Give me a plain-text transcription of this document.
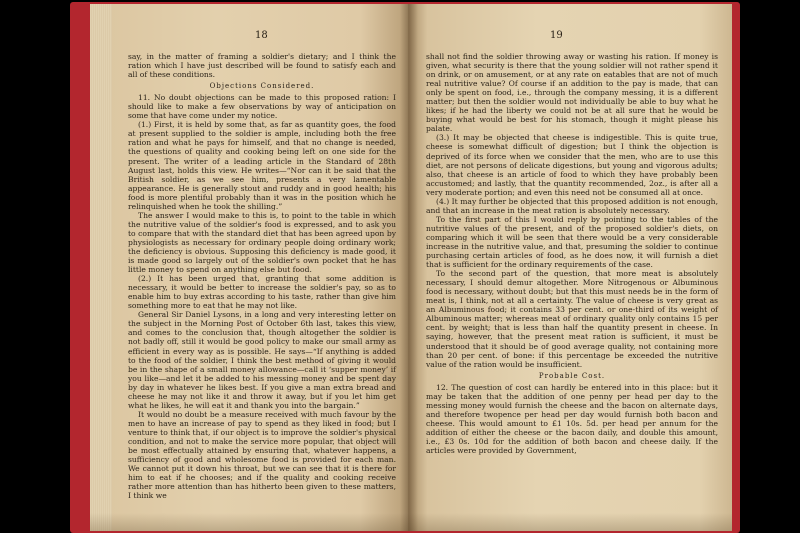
18

say, in the matter of framing a soldier's dietary; and I think the ration which I have just described will be found to satisfy each and all of these conditions.

Objections Considered.

11. No doubt objections can be made to this proposed ration: I should like to make a few observations by way of anticipation on some that have come under my notice.

(1.) First, it is held by some that, as far as quantity goes, the food at present supplied to the soldier is ample, including both the free ration and what he pays for himself, and that no change is needed, the questions of quality and cooking being left on one side for the present. The writer of a leading article in the Standard of 28th August last, holds this view. He writes—“Nor can it be said that the British soldier, as we see him, presents a very lamentable appearance. He is generally stout and ruddy and in good health; his food is more plentiful probably than it was in the position which he relinquished when he took the shilling.”

The answer I would make to this is, to point to the table in which the nutritive value of the soldier's food is expressed, and to ask you to compare that with the standard diet that has been agreed upon by physiologists as necessary for ordinary people doing ordinary work; the deficiency is obvious. Supposing this deficiency is made good, it is made good so largely out of the soldier's own pocket that he has little money to spend on anything else but food.

(2.) It has been urged that, granting that some addition is necessary, it would be better to increase the soldier's pay, so as to enable him to buy extras according to his taste, rather than give him something more to eat that he may not like.

General Sir Daniel Lysons, in a long and very interesting letter on the subject in the Morning Post of October 6th last, takes this view, and comes to the conclusion that, though altogether the soldier is not badly off, still it would be good policy to make our small army as efficient in every way as is possible. He says—“If anything is added to the food of the soldier, I think the best method of giving it would be in the shape of a small money allowance—call it ‘supper money’ if you like—and let it be added to his messing money and be spent day by day in whatever he likes best. If you give a man extra bread and cheese he may not like it and throw it away, but if you let him get what he likes, he will eat it and thank you into the bargain.”

It would no doubt be a measure received with much favour by the men to have an increase of pay to spend as they liked in food; but I venture to think that, if our object is to improve the soldier's physical condition, and not to make the service more popular, that object will be most effectually attained by ensuring that, whatever happens, a sufficiency of good and wholesome food is provided for each man. We cannot put it down his throat, but we can see that it is there for him to eat if he chooses; and if the quality and cooking receive rather more attention than has hitherto been given to these matters, I think we

19

shall not find the soldier throwing away or wasting his ration. If money is given, what security is there that the young soldier will not rather spend it on drink, or on amusement, or at any rate on eatables that are not of much real nutritive value? Of course if an addition to the pay is made, that can only be spent on food, i.e., through the company messing, it is a different matter; but then the soldier would not individually be able to buy what he likes; if he had the liberty we could not be at all sure that he would be buying what would be best for his stomach, though it might please his palate.

(3.) It may be objected that cheese is indigestible. This is quite true, cheese is somewhat difficult of digestion; but I think the objection is deprived of its force when we consider that the men, who are to use this diet, are not persons of delicate digestions, but young and vigorous adults; also, that cheese is an article of food to which they have probably been accustomed; and lastly, that the quantity recommended, 2oz., is after all a very moderate portion; and even this need not be consumed all at once.

(4.) It may further be objected that this proposed addition is not enough, and that an increase in the meat ration is absolutely necessary.

To the first part of this I would reply by pointing to the tables of the nutritive values of the present, and of the proposed soldier's diets, on comparing which it will be seen that there would be a very considerable increase in the nutritive value, and that, presuming the soldier to continue purchasing certain articles of food, as he does now, it will furnish a diet that is sufficient for the ordinary requirements of the case.

To the second part of the question, that more meat is absolutely necessary, I should demur altogether. More Nitrogenous or Albuminous food is necessary, without doubt; but that this must needs be in the form of meat is, I think, not at all a certainty. The value of cheese is very great as an Albuminous food; it contains 33 per cent. or one-third of its weight of Albuminous matter; whereas meat of ordinary quality only contains 15 per cent. by weight; that is less than half the quantity present in cheese. In saying, however, that the present meat ration is sufficient, it must be understood that it should be of good average quality, not containing more than 20 per cent. of bone: if this percentage be exceeded the nutritive value of the ration would be insufficient.

Probable Cost.

12. The question of cost can hardly be entered into in this place: but it may be taken that the addition of one penny per head per day to the messing money would furnish the cheese and the bacon on alternate days, and therefore twopence per head per day would furnish both bacon and cheese. This would amount to £1 10s. 5d. per head per annum for the addition of either the cheese or the bacon daily, and double this amount, i.e., £3 0s. 10d for the addition of both bacon and cheese daily. If the articles were provided by Government,
